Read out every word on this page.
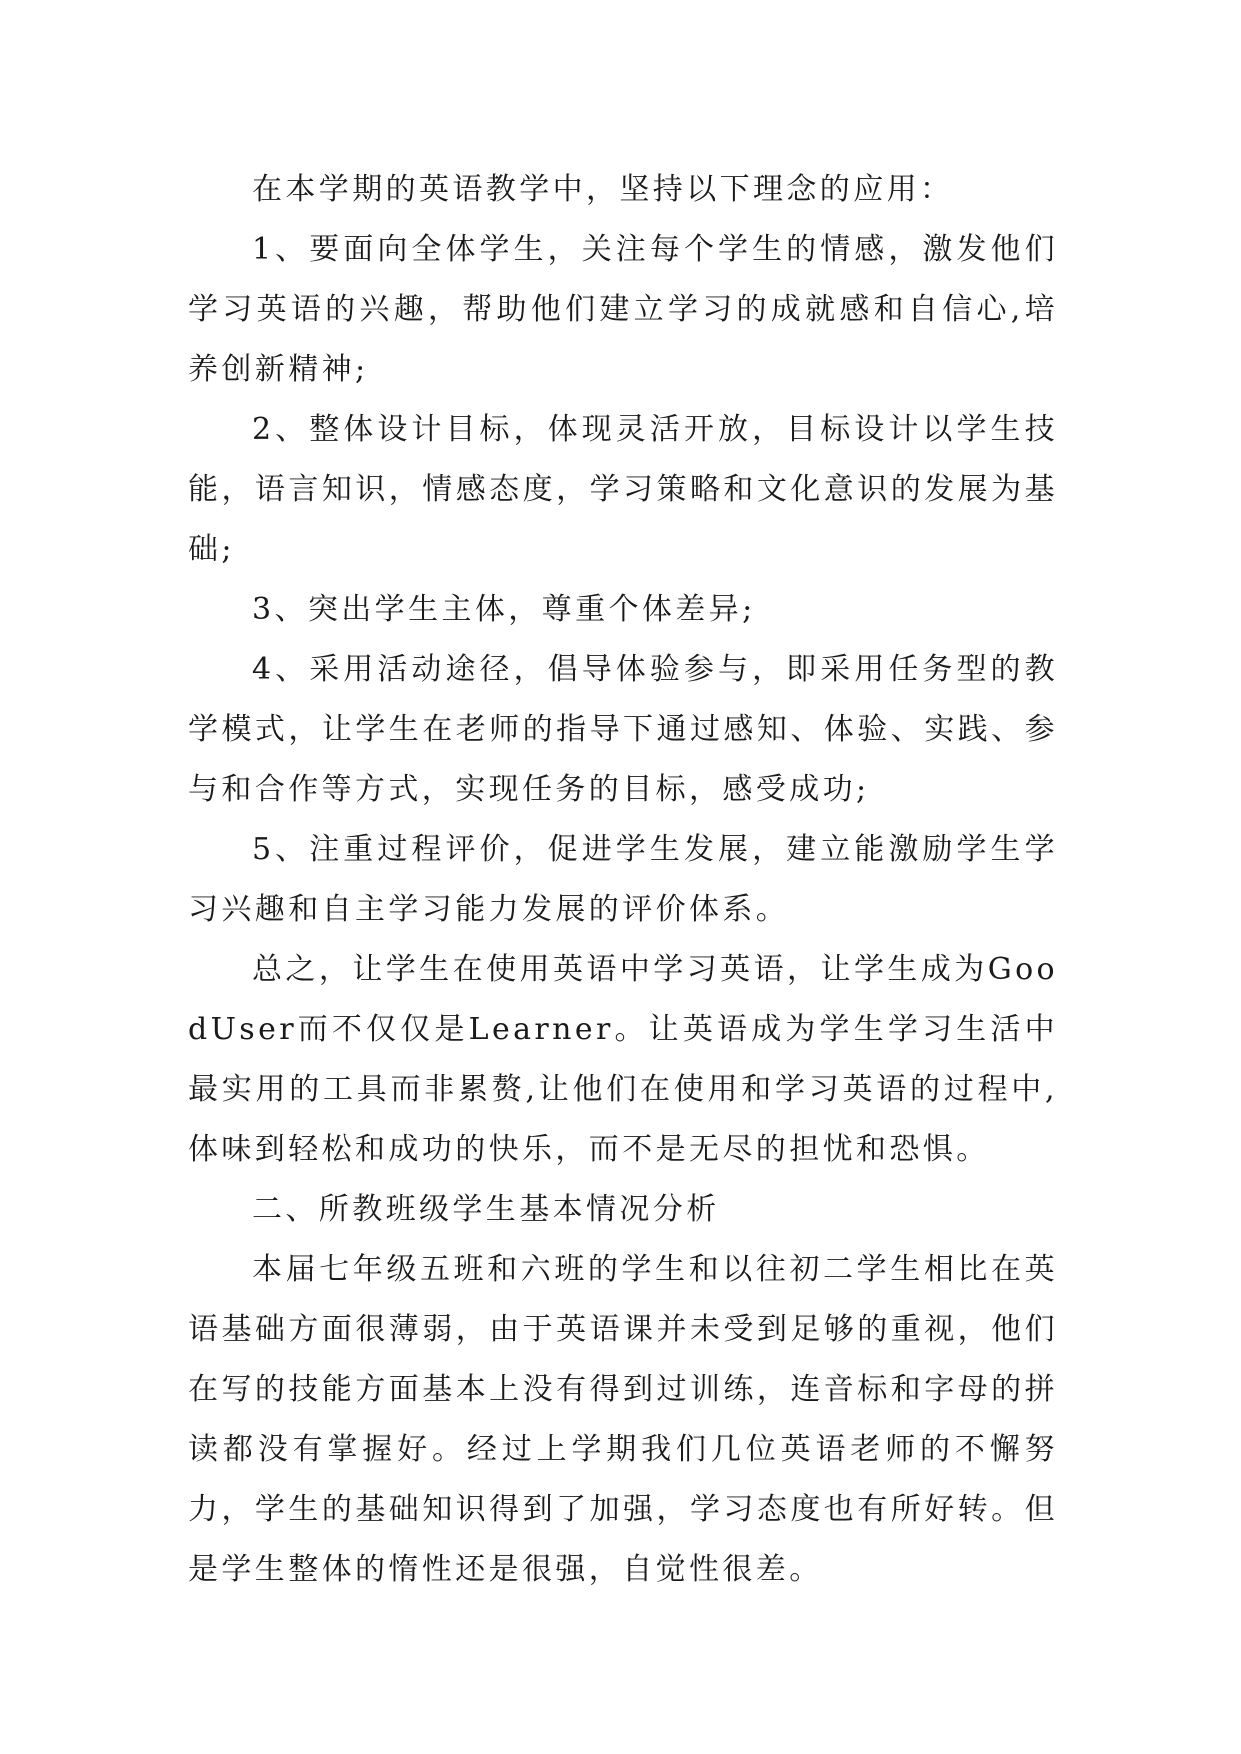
在本学期的英语教学中，坚持以下理念的应用：

1、要面向全体学生，关注每个学生的情感，激发他们学习英语的兴趣，帮助他们建立学习的成就感和自信心,培养创新精神;

2、整体设计目标，体现灵活开放，目标设计以学生技能，语言知识，情感态度，学习策略和文化意识的发展为基础;

3、突出学生主体，尊重个体差异;

4、采用活动途径，倡导体验参与，即采用任务型的教学模式，让学生在老师的指导下通过感知、体验、实践、参与和合作等方式，实现任务的目标，感受成功;

5、注重过程评价，促进学生发展，建立能激励学生学习兴趣和自主学习能力发展的评价体系。

总之，让学生在使用英语中学习英语，让学生成为GoodUser而不仅仅是Learner。让英语成为学生学习生活中最实用的工具而非累赘,让他们在使用和学习英语的过程中,体味到轻松和成功的快乐，而不是无尽的担忧和恐惧。

二、所教班级学生基本情况分析

本届七年级五班和六班的学生和以往初二学生相比在英语基础方面很薄弱，由于英语课并未受到足够的重视，他们在写的技能方面基本上没有得到过训练，连音标和字母的拼读都没有掌握好。经过上学期我们几位英语老师的不懈努力，学生的基础知识得到了加强，学习态度也有所好转。但是学生整体的惰性还是很强，自觉性很差。
